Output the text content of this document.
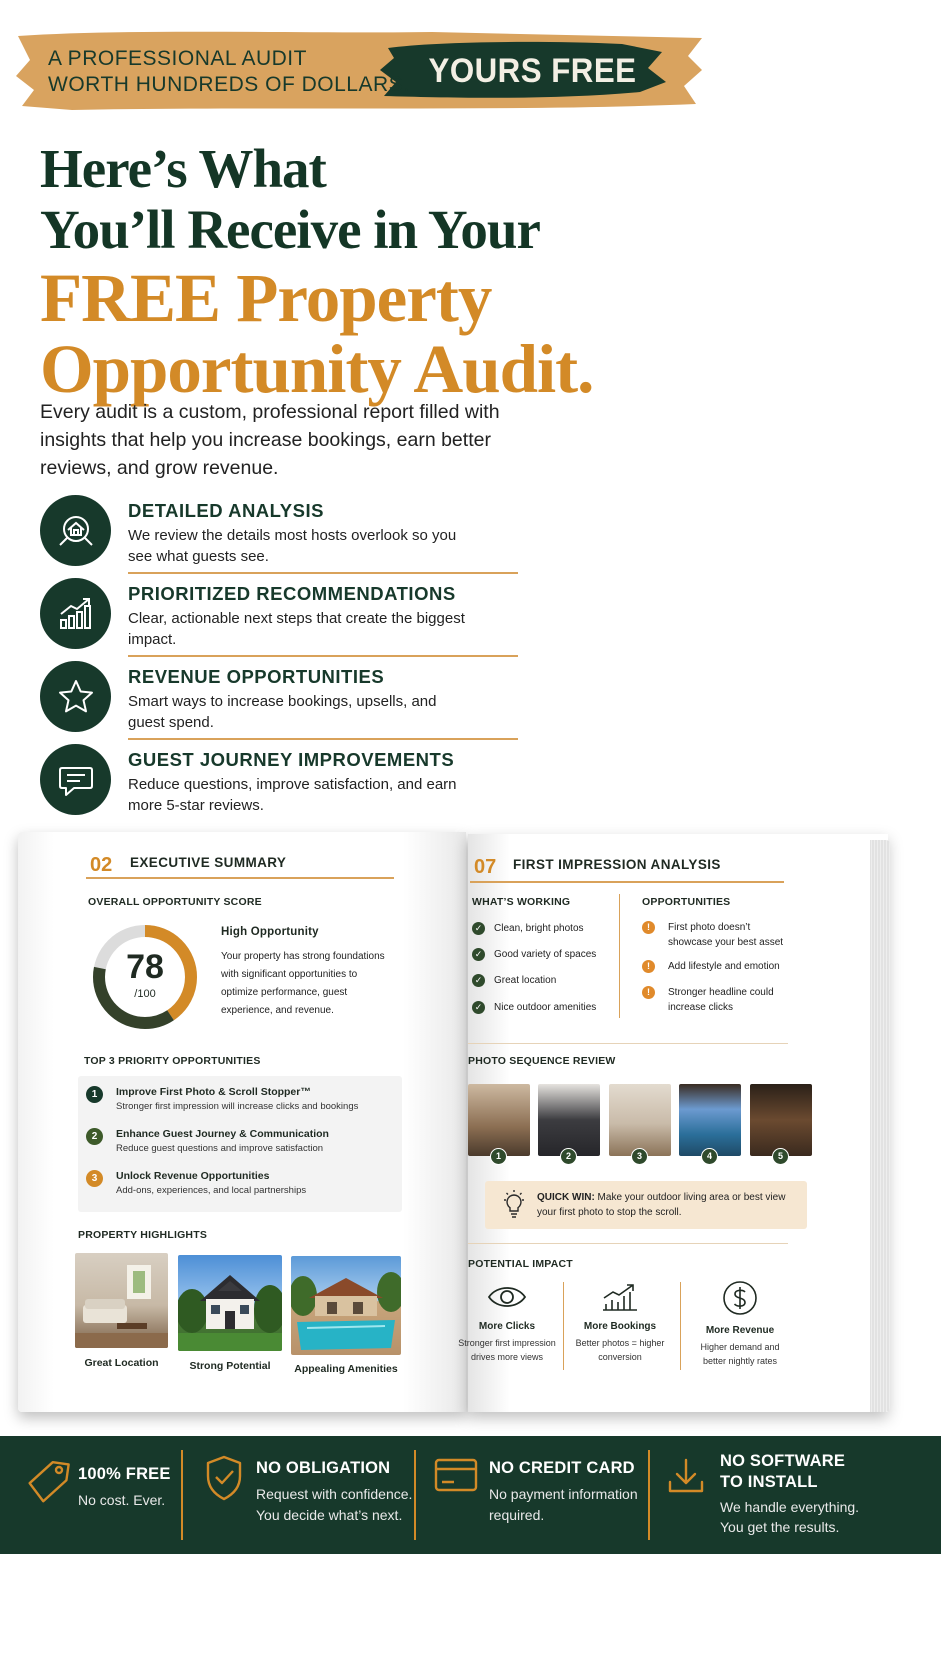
A PROFESSIONAL AUDIT
WORTH HUNDREDS OF DOLLARS. YOURS FREE
Here’s What
You’ll Receive in Your
FREE Property
Opportunity Audit.

Every audit is a custom, professional report filled with insights that help you increase bookings, earn better reviews, and grow revenue.

DETAILED ANALYSIS
We review the details most hosts overlook so you see what guests see.
PRIORITIZED RECOMMENDATIONS
Clear, actionable next steps that create the biggest impact.
REVENUE OPPORTUNITIES
Smart ways to increase bookings, upsells, and guest spend.
GUEST JOURNEY IMPROVEMENTS
Reduce questions, improve satisfaction, and earn more 5-star reviews.
02 EXECUTIVE SUMMARY
OVERALL OPPORTUNITY SCORE
78
/100
High Opportunity
Your property has strong foundations with significant opportunities to optimize performance, guest experience, and revenue.
TOP 3 PRIORITY OPPORTUNITIES
1	Improve First Photo & Scroll Stopper™
Stronger first impression will increase clicks and bookings
2	Enhance Guest Journey & Communication
Reduce guest questions and improve satisfaction
3	Unlock Revenue Opportunities
Add-ons, experiences, and local partnerships
PROPERTY HIGHLIGHTS
Great Location	Strong Potential	Appealing Amenities
07 FIRST IMPRESSION ANALYSIS
WHAT’S WORKING
✓ Clean, bright photos
✓ Good variety of spaces
✓ Great location
✓ Nice outdoor amenities
OPPORTUNITIES
!	First photo doesn’t
showcase your best asset
!	Add lifestyle and emotion
!	Stronger headline could
increase clicks
PHOTO SEQUENCE REVIEW
1	2	3	4	5
QUICK WIN: Make your outdoor living area or best view your first photo to stop the scroll.
POTENTIAL IMPACT
More Clicks
Stronger first impression
drives more views
More Bookings
Better photos = higher
conversion
More Revenue
Higher demand and
better nightly rates
100% FREE
No cost. Ever.
NO OBLIGATION
Request with confidence.
You decide what’s next.
NO CREDIT CARD
No payment information
required.
NO SOFTWARE
TO INSTALL
We handle everything.
You get the results.
